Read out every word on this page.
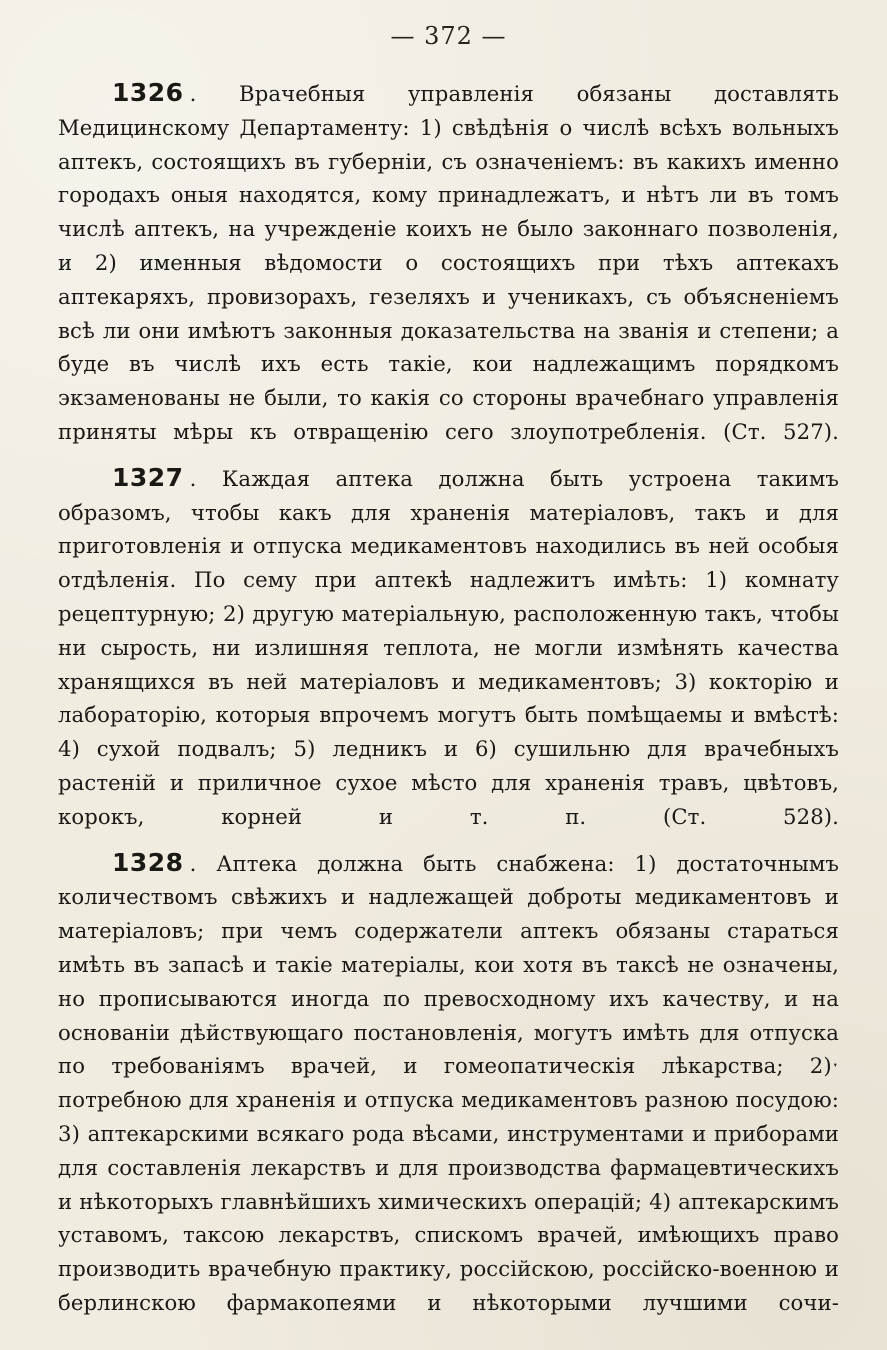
— 372 —

1326 . Врачебныя управленія обязаны доставлять Медицинскому Департаменту: 1) свѣдѣнія о числѣ всѣхъ вольныхъ аптекъ, состоящихъ въ губерніи, съ означеніемъ: въ какихъ именно городахъ оныя находятся, кому принадлежатъ, и нѣтъ ли въ томъ числѣ аптекъ, на учрежденіе коихъ не было законнаго позволенія, и 2) именныя вѣдомости о состоящихъ при тѣхъ аптекахъ аптекаряхъ, провизорахъ, гезеляхъ и ученикахъ, съ объясненіемъ всѣ ли они имѣютъ законныя доказательства на званія и степени; а буде въ числѣ ихъ есть такіе, кои надлежащимъ порядкомъ экзаменованы не были, то какія со стороны врачебнаго управленія приняты мѣры къ отвращенію сего злоупотребленія. (Ст. 527).

1327 . Каждая аптека должна быть устроена такимъ образомъ, чтобы какъ для храненія матеріаловъ, такъ и для приготовленія и отпуска медикаментовъ находились въ ней особыя отдѣленія. По сему при аптекѣ надлежитъ имѣть: 1) комнату рецептурную; 2) другую матеріальную, расположенную такъ, чтобы ни сырость, ни излишняя теплота, не могли измѣнять качества хранящихся въ ней матеріаловъ и медикаментовъ; 3) кокторію и лабораторію, которыя впрочемъ могутъ быть помѣщаемы и вмѣстѣ: 4) сухой подвалъ; 5) ледникъ и 6) сушильню для врачебныхъ растеній и приличное сухое мѣсто для храненія травъ, цвѣтовъ, корокъ, корней и т. п. (Ст. 528).

1328 . Аптека должна быть снабжена: 1) достаточнымъ количествомъ свѣжихъ и надлежащей доброты медикаментовъ и матеріаловъ; при чемъ содержатели аптекъ обязаны стараться имѣть въ запасѣ и такіе матеріалы, кои хотя въ таксѣ не означены, но прописываются иногда по превосходному ихъ качеству, и на основаніи дѣйствующаго постановленія, могутъ имѣть для отпуска по требованіямъ врачей, и гомеопатическія лѣкарства; 2)ˑ потребною для храненія и отпуска медикаментовъ разною посудою: 3) аптекарскими всякаго рода вѣсами, инструментами и приборами для составленія лекарствъ и для производства фармацевтическихъ и нѣкоторыхъ главнѣйшихъ химическихъ операцій; 4) аптекарскимъ уставомъ, таксою лекарствъ, спискомъ врачей, имѣющихъ право производить врачебную практику, россійскою, россійско-военною и берлинскою фармакопеями и нѣкоторыми лучшими сочи-
